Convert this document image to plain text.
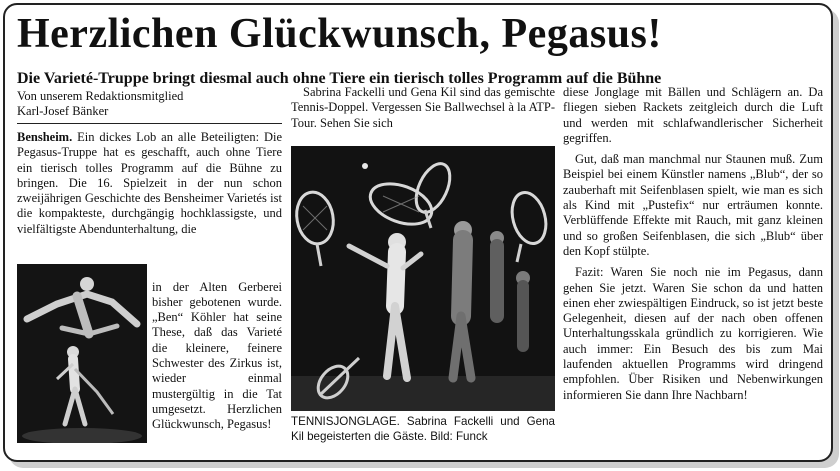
Herzlichen Glückwunsch, Pegasus!
Die Varieté-Truppe bringt diesmal auch ohne Tiere ein tierisch tolles Programm auf die Bühne
Von unserem Redaktionsmitglied
Karl-Josef Bänker

Bensheim. Ein dickes Lob an alle Beteiligten: Die Pegasus-Truppe hat es geschafft, auch ohne Tiere ein tierisch tolles Programm auf die Bühne zu bringen. Die 16. Spielzeit in der nun schon zweijährigen Geschichte des Bensheimer Varietés ist die kompakteste, durchgängig hochklassigste, und vielfältigste Abendunterhaltung, die

in der Alten Gerberei bisher gebotenen wurde. „Ben“ Köhler hat seine These, daß das Varieté die kleinere, feinere Schwester des Zirkus ist, wieder einmal mustergültig in die Tat umgesetzt. Herzlichen Glückwunsch, Pegasus!

Sabrina Fackelli und Gena Kil sind das gemischte Tennis-Doppel. Vergessen Sie Ballwechsel à la ATP-Tour. Sehen Sie sich

TENNISJONGLAGE. Sabrina Fackelli und Gena Kil begeisterten die Gäste. Bild: Funck

diese Jonglage mit Bällen und Schlägern an. Da fliegen sieben Rackets zeitgleich durch die Luft und werden mit schlafwandlerischer Sicherheit gegriffen.

Gut, daß man manchmal nur Staunen muß. Zum Beispiel bei einem Künstler namens „Blub“, der so zauberhaft mit Seifenblasen spielt, wie man es sich als Kind mit „Pustefix“ nur erträumen konnte. Verblüffende Effekte mit Rauch, mit ganz kleinen und so großen Seifenblasen, die sich „Blub“ über den Kopf stülpte.

Fazit: Waren Sie noch nie im Pegasus, dann gehen Sie jetzt. Waren Sie schon da und hatten einen eher zwiespältigen Eindruck, so ist jetzt beste Gelegenheit, diesen auf der nach oben offenen Unterhaltungsskala gründlich zu korrigieren. Wie auch immer: Ein Besuch des bis zum Mai laufenden aktuellen Programms wird dringend empfohlen. Über Risiken und Nebenwirkungen informieren Sie dann Ihre Nachbarn!
